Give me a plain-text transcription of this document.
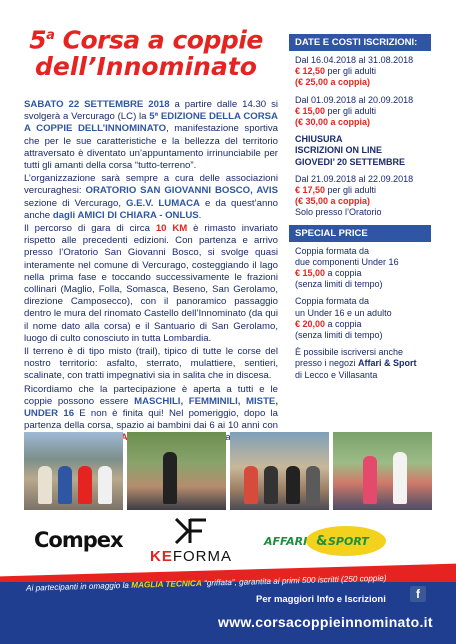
5$^a$ Corsa a coppie
dell’Innominato

SABATO 22 SETTEMBRE 2018 a partire dalle 14.30 si svolgerà a Vercurago (LC) la 5ª EDIZIONE DELLA CORSA A COPPIE DELL’INNOMINATO, manifestazione sportiva che per le sue caratteristiche e la bellezza del territorio attraversato è diventato un’appuntamento irrinunciabile per tutti gli amanti della corsa “tutto-terreno”.

L’organizzazione sarà sempre a cura delle associazioni vercuraghesi: ORATORIO SAN GIOVANNI BOSCO, AVIS sezione di Vercurago, G.E.V. LUMACA e da quest’anno anche dagli AMICI DI CHIARA - ONLUS.

Il percorso di gara di circa 10 KM è rimasto invariato rispetto alle precedenti edizioni. Con partenza e arrivo presso l’Oratorio San Giovanni Bosco, si svolge quasi interamente nel comune di Vercurago, costeggiando il lago nella prima fase e toccando successivamente le frazioni collinari (Maglio, Folla, Somasca, Beseno, San Gerolamo, direzione Camposecco), con il panoramico passaggio dentro le mura del rinomato Castello dell’Innominato (da qui il nome dato alla corsa) e il Santuario di San Gerolamo, luogo di culto conosciuto in tutta Lombardia.

Il terreno è di tipo misto (trail), tipico di tutte le corse del nostro territorio: asfalto, sterrato, mulattiere, sentieri, scalinate, con tratti impegnativi sia in salita che in discesa.

Ricordiamo che la partecipazione è aperta a tutti e le coppie possono essere MASCHILI, FEMMINILI, MISTE, UNDER 16 E non è finita qui! Nel pomeriggio, dopo la partenza della corsa, spazio ai bambini dai 6 ai 10 anni con

DATE E COSTI ISCRIZIONI:
Dal 16.04.2018 al 31.08.2018
€ 12,50 per gli adulti
(€ 25,00 a coppia)
Dal 01.09.2018 al 20.09.2018
€ 15,00 per gli adulti
(€ 30,00 a coppia)
CHIUSURA
ISCRIZIONI ON LINE
GIOVEDI’ 20 SETTEMBRE
Dal 21.09.2018 al 22.09.2018
€ 17,50 per gli adulti
(€ 35,00 a coppia)
Solo presso l’Oratorio
SPECIAL PRICE
Coppia formata da
due componenti Under 16
€ 15,00 a coppia
(senza limiti di tempo)
Coppia formata da
un Under 16 e un adulto
€ 20,00 a coppia
(senza limiti di tempo)
È possibile iscriversi anche
presso i negozi Affari & Sport
di Lecco e Villasanta
Compex
KEFORMA
AFFARI & SPORT
Ai partecipanti in omaggio la MAGLIA TECNICA “griffata”, garantita ai primi 500 iscritti (250 coppie)
Per maggiori Info e Iscrizioni	f
www.corsacoppieinnominato.it
